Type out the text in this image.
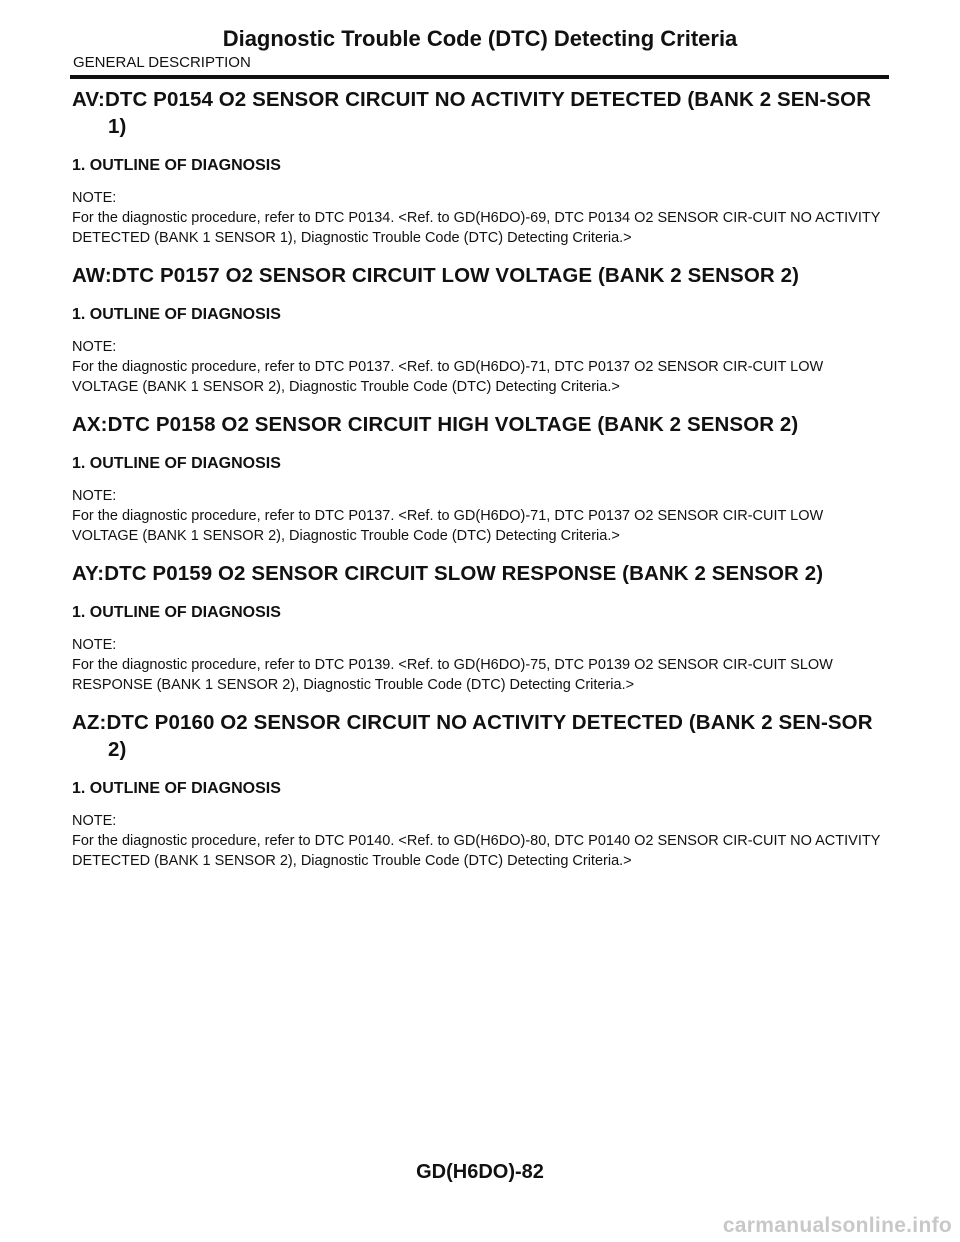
Diagnostic Trouble Code (DTC) Detecting Criteria
GENERAL DESCRIPTION
AV:DTC P0154 O2 SENSOR CIRCUIT NO ACTIVITY DETECTED (BANK 2 SEN-SOR 1)
1. OUTLINE OF DIAGNOSIS
NOTE:
For the diagnostic procedure, refer to DTC P0134. <Ref. to GD(H6DO)-69, DTC P0134 O2 SENSOR CIR-CUIT NO ACTIVITY DETECTED (BANK 1 SENSOR 1), Diagnostic Trouble Code (DTC) Detecting Criteria.>
AW:DTC P0157 O2 SENSOR CIRCUIT LOW VOLTAGE (BANK 2 SENSOR 2)
1. OUTLINE OF DIAGNOSIS
NOTE:
For the diagnostic procedure, refer to DTC P0137. <Ref. to GD(H6DO)-71, DTC P0137 O2 SENSOR CIR-CUIT LOW VOLTAGE (BANK 1 SENSOR 2), Diagnostic Trouble Code (DTC) Detecting Criteria.>
AX:DTC P0158 O2 SENSOR CIRCUIT HIGH VOLTAGE (BANK 2 SENSOR 2)
1. OUTLINE OF DIAGNOSIS
NOTE:
For the diagnostic procedure, refer to DTC P0137. <Ref. to GD(H6DO)-71, DTC P0137 O2 SENSOR CIR-CUIT LOW VOLTAGE (BANK 1 SENSOR 2), Diagnostic Trouble Code (DTC) Detecting Criteria.>
AY:DTC P0159 O2 SENSOR CIRCUIT SLOW RESPONSE (BANK 2 SENSOR 2)
1. OUTLINE OF DIAGNOSIS
NOTE:
For the diagnostic procedure, refer to DTC P0139. <Ref. to GD(H6DO)-75, DTC P0139 O2 SENSOR CIR-CUIT SLOW RESPONSE (BANK 1 SENSOR 2), Diagnostic Trouble Code (DTC) Detecting Criteria.>
AZ:DTC P0160 O2 SENSOR CIRCUIT NO ACTIVITY DETECTED (BANK 2 SEN-SOR 2)
1. OUTLINE OF DIAGNOSIS
NOTE:
For the diagnostic procedure, refer to DTC P0140. <Ref. to GD(H6DO)-80, DTC P0140 O2 SENSOR CIR-CUIT NO ACTIVITY DETECTED (BANK 1 SENSOR 2), Diagnostic Trouble Code (DTC) Detecting Criteria.>
GD(H6DO)-82
carmanualsonline.info
